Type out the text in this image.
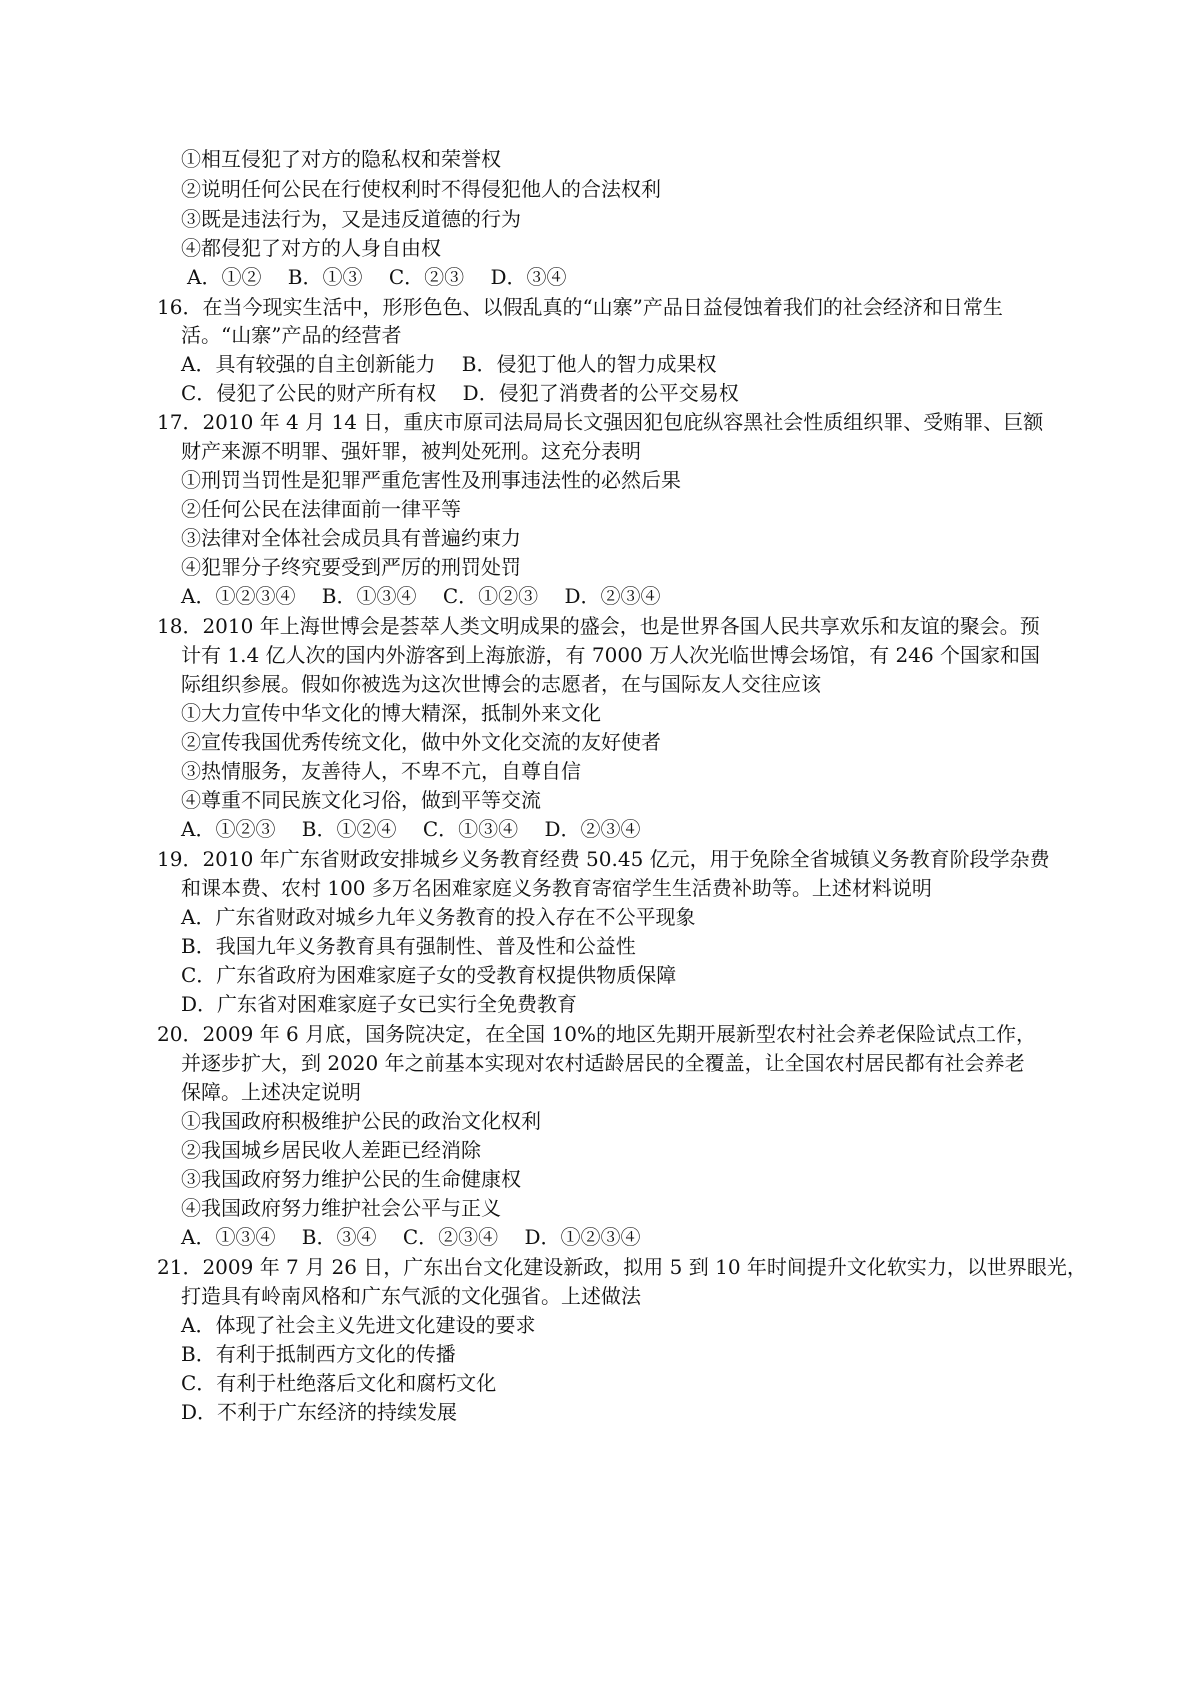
①相互侵犯了对方的隐私权和荣誉权
②说明任何公民在行使权利时不得侵犯他人的合法权利
③既是违法行为，又是违反道德的行为
④都侵犯了对方的人身自由权
A．①②　 B．①③　 C．②③　 D．③④
16．在当今现实生活中，形形色色、以假乱真的“山寨”产品日益侵蚀着我们的社会经济和日常生
活。“山寨”产品的经营者
A．具有较强的自主创新能力　 B．侵犯丁他人的智力成果权
C．侵犯了公民的财产所有权　 D．侵犯了消费者的公平交易权
17．2010 年 4 月 14 日，重庆市原司法局局长文强因犯包庇纵容黑社会性质组织罪、受贿罪、巨额
财产来源不明罪、强奸罪，被判处死刑。这充分表明
①刑罚当罚性是犯罪严重危害性及刑事违法性的必然后果
②任何公民在法律面前一律平等
③法律对全体社会成员具有普遍约束力
④犯罪分子终究要受到严厉的刑罚处罚
A．①②③④　 B．①③④　 C．①②③　 D．②③④
18．2010 年上海世博会是荟萃人类文明成果的盛会，也是世界各国人民共享欢乐和友谊的聚会。预
计有 1.4 亿人次的国内外游客到上海旅游，有 7000 万人次光临世博会场馆，有 246 个国家和国
际组织参展。假如你被选为这次世博会的志愿者，在与国际友人交往应该
①大力宣传中华文化的博大精深，抵制外来文化
②宣传我国优秀传统文化，做中外文化交流的友好使者
③热情服务，友善待人，不卑不亢，自尊自信
④尊重不同民族文化习俗，做到平等交流
A．①②③　 B．①②④　 C．①③④　 D．②③④
19．2010 年广东省财政安排城乡义务教育经费 50.45 亿元，用于免除全省城镇义务教育阶段学杂费
和课本费、农村 100 多万名困难家庭义务教育寄宿学生生活费补助等。上述材料说明
A．广东省财政对城乡九年义务教育的投入存在不公平现象
B．我国九年义务教育具有强制性、普及性和公益性
C．广东省政府为困难家庭子女的受教育权提供物质保障
D．广东省对困难家庭子女已实行全免费教育
20．2009 年 6 月底，国务院决定，在全国 10%的地区先期开展新型农村社会养老保险试点工作，
并逐步扩大，到 2020 年之前基本实现对农村适龄居民的全覆盖，让全国农村居民都有社会养老
保障。上述决定说明
①我国政府积极维护公民的政治文化权利
②我国城乡居民收人差距已经消除
③我国政府努力维护公民的生命健康权
④我国政府努力维护社会公平与正义
A．①③④　 B．③④　 C．②③④　 D．①②③④
21．2009 年 7 月 26 日，广东出台文化建设新政，拟用 5 到 10 年时间提升文化软实力，以世界眼光，
打造具有岭南风格和广东气派的文化强省。上述做法
A．体现了社会主义先进文化建设的要求
B．有利于抵制西方文化的传播
C．有利于杜绝落后文化和腐朽文化
D．不利于广东经济的持续发展
